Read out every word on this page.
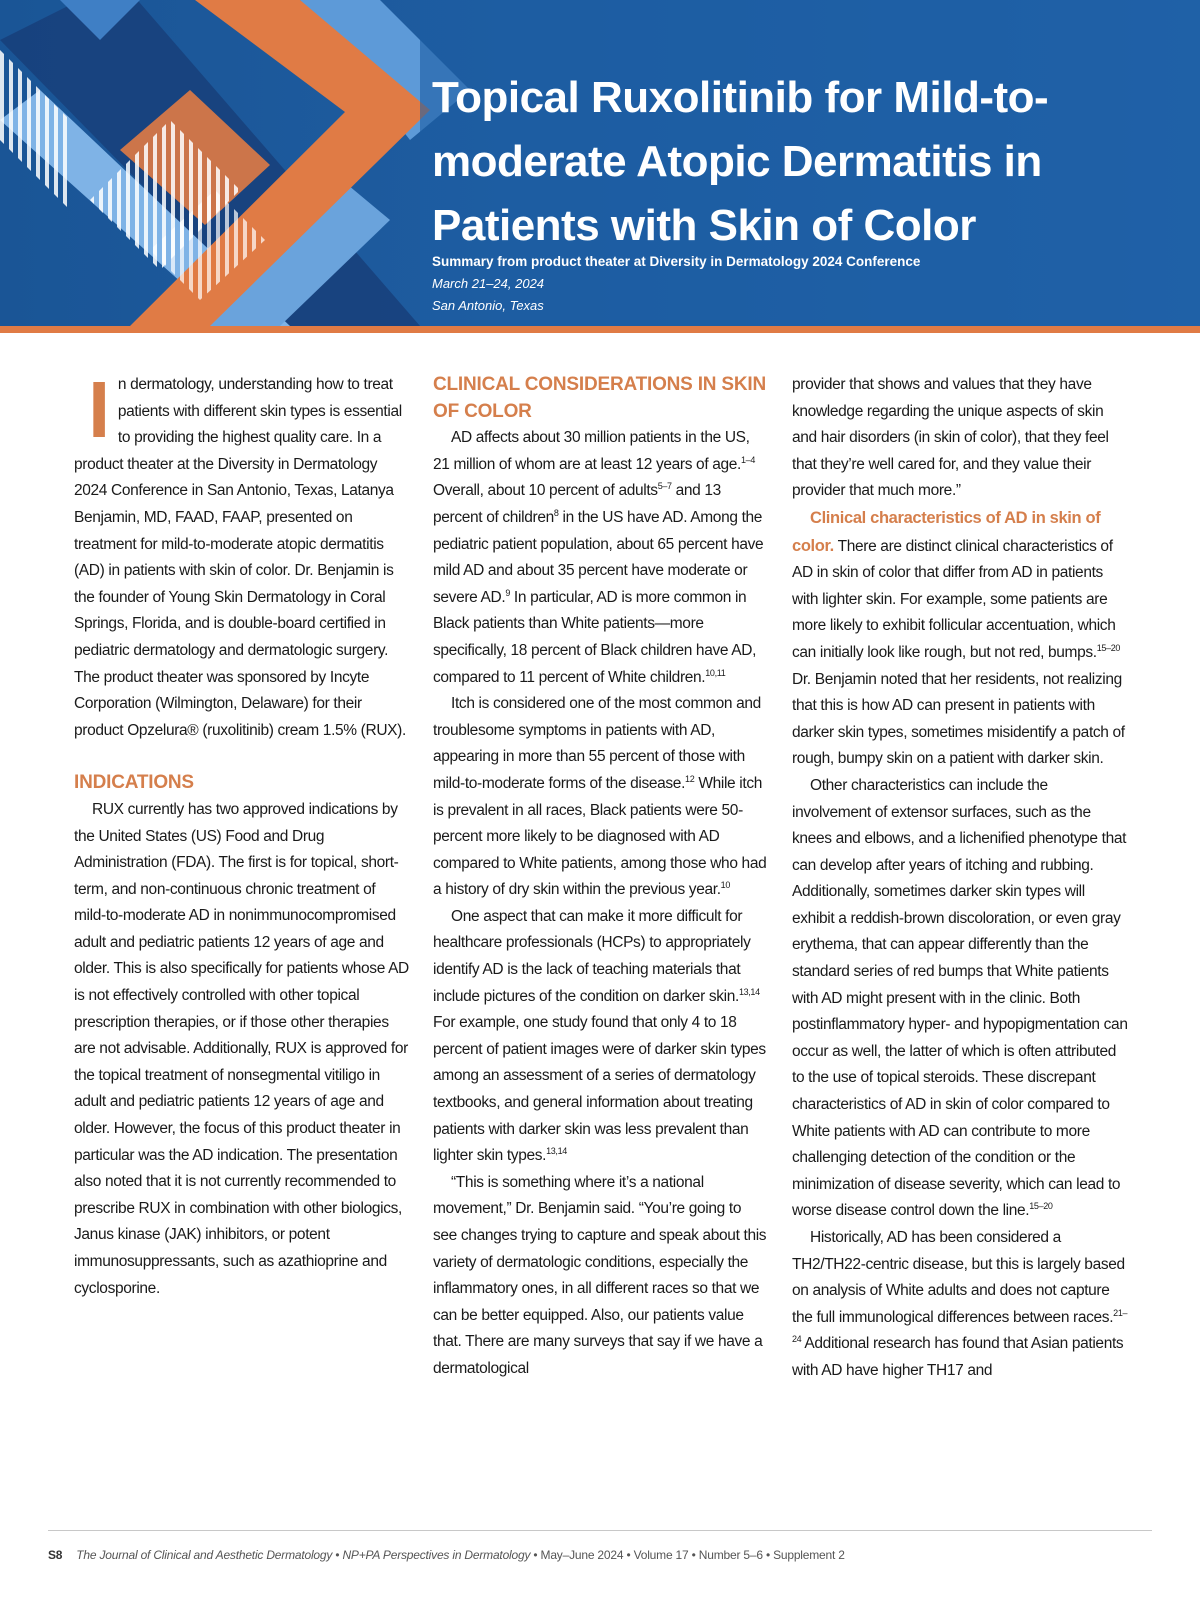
Topical Ruxolitinib for Mild-to-moderate Atopic Dermatitis in Patients with Skin of Color

Summary from product theater at Diversity in Dermatology 2024 Conference

March 21–24, 2024

San Antonio, Texas

In dermatology, understanding how to treat patients with different skin types is essential to providing the highest quality care. In a product theater at the Diversity in Dermatology 2024 Conference in San Antonio, Texas, Latanya Benjamin, MD, FAAD, FAAP, presented on treatment for mild-to-moderate atopic dermatitis (AD) in patients with skin of color. Dr. Benjamin is the founder of Young Skin Dermatology in Coral Springs, Florida, and is double-board certified in pediatric dermatology and dermatologic surgery. The product theater was sponsored by Incyte Corporation (Wilmington, Delaware) for their product Opzelura® (ruxolitinib) cream 1.5% (RUX).

INDICATIONS

RUX currently has two approved indications by the United States (US) Food and Drug Administration (FDA). The first is for topical, short-term, and non-continuous chronic treatment of mild-to-moderate AD in nonimmunocompromised adult and pediatric patients 12 years of age and older. This is also specifically for patients whose AD is not effectively controlled with other topical prescription therapies, or if those other therapies are not advisable. Additionally, RUX is approved for the topical treatment of nonsegmental vitiligo in adult and pediatric patients 12 years of age and older. However, the focus of this product theater in particular was the AD indication. The presentation also noted that it is not currently recommended to prescribe RUX in combination with other biologics, Janus kinase (JAK) inhibitors, or potent immunosuppressants, such as azathioprine and cyclosporine.

CLINICAL CONSIDERATIONS IN SKIN OF COLOR

AD affects about 30 million patients in the US, 21 million of whom are at least 12 years of age.$^{1-4}$ Overall, about 10 percent of adults$^{5-7}$ and 13 percent of children$^8$ in the US have AD. Among the pediatric patient population, about 65 percent have mild AD and about 35 percent have moderate or severe AD.$^9$ In particular, AD is more common in Black patients than White patients—more specifically, 18 percent of Black children have AD, compared to 11 percent of White children.$^{10,11}$

Itch is considered one of the most common and troublesome symptoms in patients with AD, appearing in more than 55 percent of those with mild-to-moderate forms of the disease.$^{12}$ While itch is prevalent in all races, Black patients were 50-percent more likely to be diagnosed with AD compared to White patients, among those who had a history of dry skin within the previous year.$^{10}$

One aspect that can make it more difficult for healthcare professionals (HCPs) to appropriately identify AD is the lack of teaching materials that include pictures of the condition on darker skin.$^{13,14}$ For example, one study found that only 4 to 18 percent of patient images were of darker skin types among an assessment of a series of dermatology textbooks, and general information about treating patients with darker skin was less prevalent than lighter skin types.$^{13,14}$

“This is something where it’s a national movement,” Dr. Benjamin said. “You’re going to see changes trying to capture and speak about this variety of dermatologic conditions, especially the inflammatory ones, in all different races so that we can be better equipped. Also, our patients value that. There are many surveys that say if we have a dermatological

provider that shows and values that they have knowledge regarding the unique aspects of skin and hair disorders (in skin of color), that they feel that they’re well cared for, and they value their provider that much more.”

Clinical characteristics of AD in skin of color. There are distinct clinical characteristics of AD in skin of color that differ from AD in patients with lighter skin. For example, some patients are more likely to exhibit follicular accentuation, which can initially look like rough, but not red, bumps.$^{15-20}$ Dr. Benjamin noted that her residents, not realizing that this is how AD can present in patients with darker skin types, sometimes misidentify a patch of rough, bumpy skin on a patient with darker skin.

Other characteristics can include the involvement of extensor surfaces, such as the knees and elbows, and a lichenified phenotype that can develop after years of itching and rubbing. Additionally, sometimes darker skin types will exhibit a reddish-brown discoloration, or even gray erythema, that can appear differently than the standard series of red bumps that White patients with AD might present with in the clinic. Both postinflammatory hyper- and hypopigmentation can occur as well, the latter of which is often attributed to the use of topical steroids. These discrepant characteristics of AD in skin of color compared to White patients with AD can contribute to more challenging detection of the condition or the minimization of disease severity, which can lead to worse disease control down the line.$^{15-20}$

Historically, AD has been considered a TH2/TH22-centric disease, but this is largely based on analysis of White adults and does not capture the full immunological differences between races.$^{21-24}$ Additional research has found that Asian patients with AD have higher TH17 and

S8 The Journal of Clinical and Aesthetic Dermatology • NP+PA Perspectives in Dermatology • May–June 2024 • Volume 17 • Number 5–6 • Supplement 2
